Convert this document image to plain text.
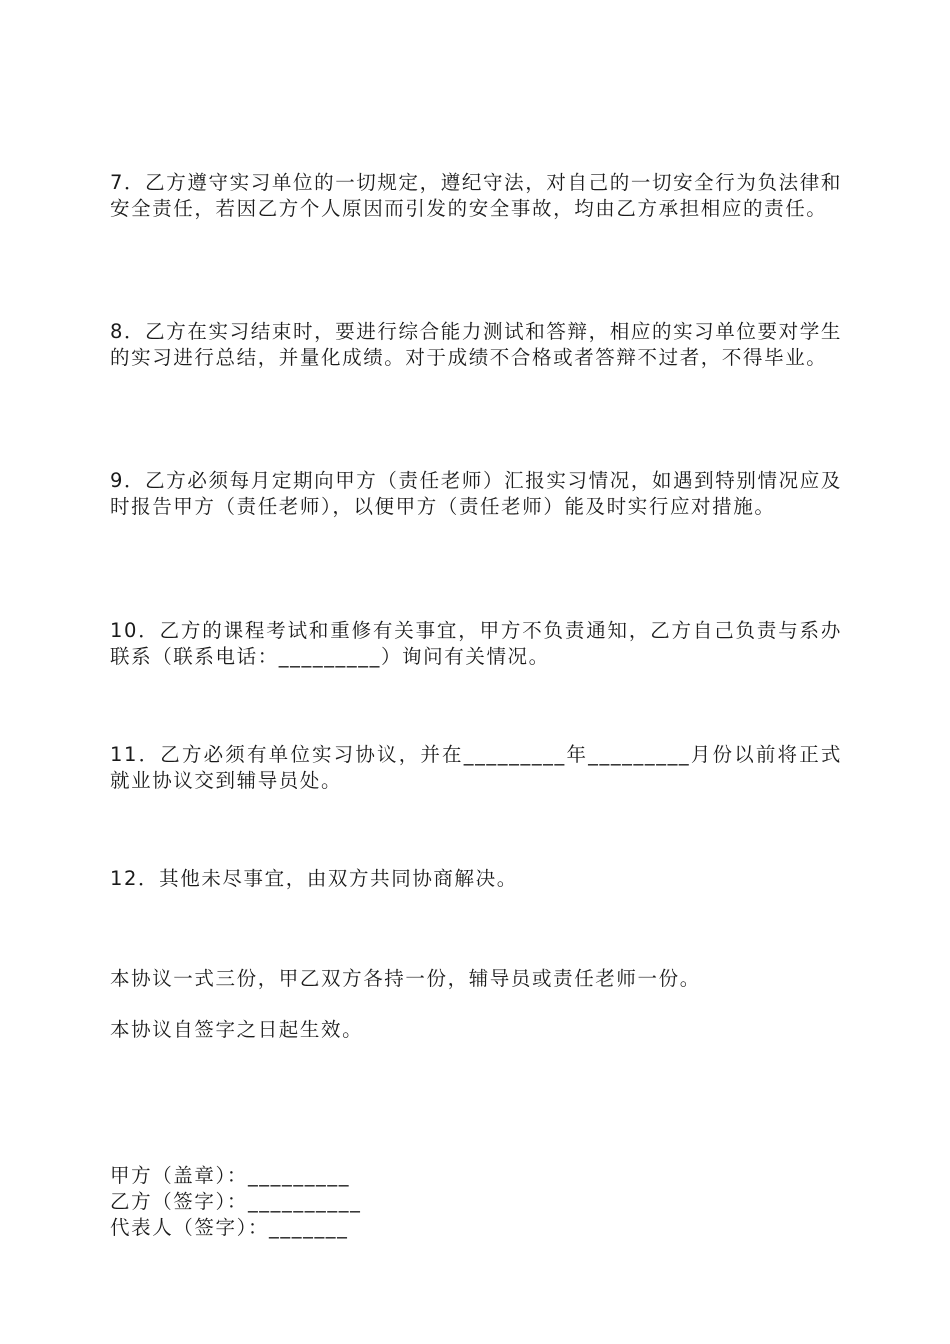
7．乙方遵守实习单位的一切规定，遵纪守法，对自己的一切安全行为负法律和安全责任，若因乙方个人原因而引发的安全事故，均由乙方承担相应的责任。

8．乙方在实习结束时，要进行综合能力测试和答辩，相应的实习单位要对学生的实习进行总结，并量化成绩。对于成绩不合格或者答辩不过者，不得毕业。

9．乙方必须每月定期向甲方（责任老师）汇报实习情况，如遇到特别情况应及时报告甲方（责任老师），以便甲方（责任老师）能及时实行应对措施。

10．乙方的课程考试和重修有关事宜，甲方不负责通知，乙方自己负责与系办联系（联系电话：_________）询问有关情况。

11．乙方必须有单位实习协议，并在_________年_________月份以前将正式就业协议交到辅导员处。

12．其他未尽事宜，由双方共同协商解决。

本协议一式三份，甲乙双方各持一份，辅导员或责任老师一份。

本协议自签字之日起生效。

甲方（盖章）：_________

乙方（签字）：__________

代表人（签字）：_______
